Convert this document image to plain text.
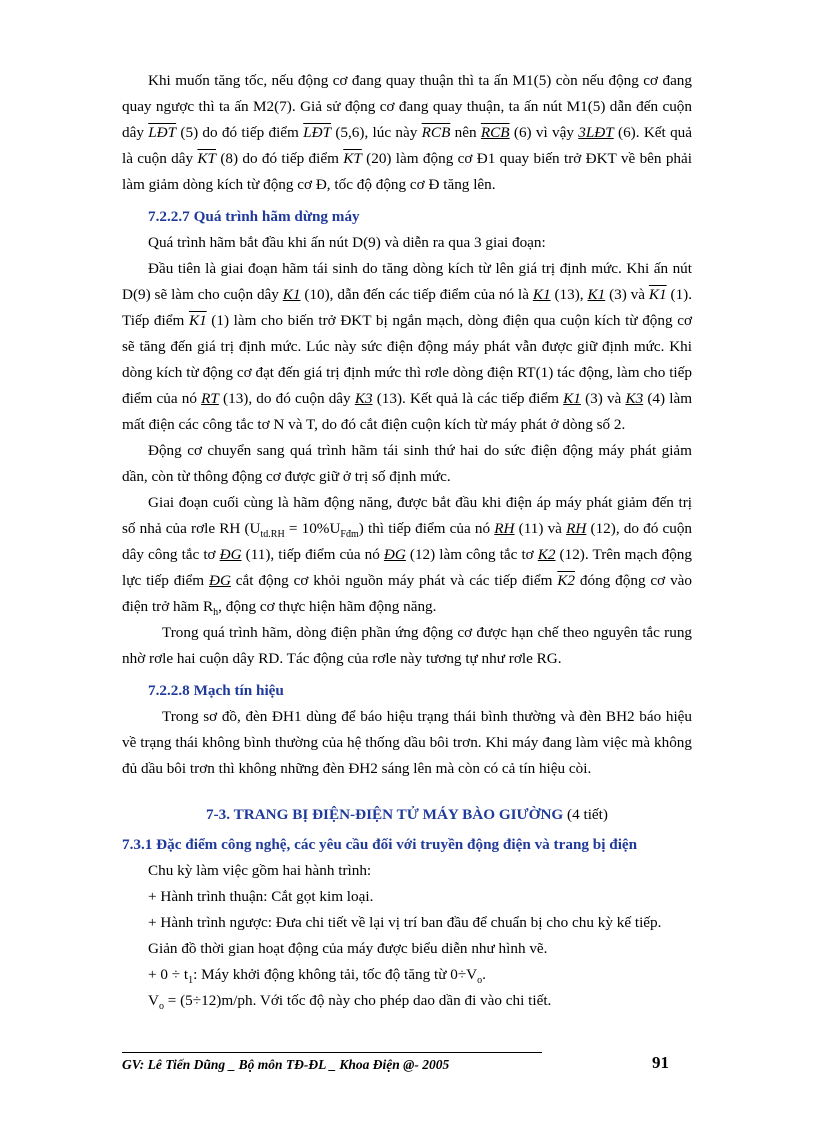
Khi muốn tăng tốc, nếu động cơ đang quay thuận thì ta ấn M1(5) còn nếu động cơ đang quay ngược thì ta ấn M2(7). Giả sử động cơ đang quay thuận, ta ấn nút M1(5) dẫn đến cuộn dây $\overline{LĐT}$ (5) do đó tiếp điểm $\overline{LĐT}$ (5,6), lúc này $\overline{RCB}$ nên RCB (6) vì vậy 3LĐT (6). Kết quả là cuộn dây $\overline{KT}$ (8) do đó tiếp điểm $\overline{KT}$ (20) làm động cơ Đ1 quay biến trở ĐKT về bên phải làm giảm dòng kích từ động cơ Đ, tốc độ động cơ Đ tăng lên.

7.2.2.7 Quá trình hãm dừng máy

Quá trình hãm bắt đầu khi ấn nút D(9) và diễn ra qua 3 giai đoạn:

Đầu tiên là giai đoạn hãm tái sinh do tăng dòng kích từ lên giá trị định mức. Khi ấn nút D(9) sẽ làm cho cuộn dây K1 (10), dẫn đến các tiếp điểm của nó là K1 (13), K1 (3) và K1 (1). Tiếp điểm K1 (1) làm cho biến trở ĐKT bị ngắn mạch, dòng điện qua cuộn kích từ động cơ sẽ tăng đến giá trị định mức. Lúc này sức điện động máy phát vẫn được giữ định mức. Khi dòng kích từ động cơ đạt đến giá trị định mức thì rơle dòng điện RT(1) tác động, làm cho tiếp điểm của nó RT (13), do đó cuộn dây K3 (13). Kết quả là các tiếp điểm K1 (3) và K3 (4) làm mất điện các công tắc tơ N và T, do đó cắt điện cuộn kích từ máy phát ở dòng số 2.

Động cơ chuyển sang quá trình hãm tái sinh thứ hai do sức điện động máy phát giảm dần, còn từ thông động cơ được giữ ở trị số định mức.

Giai đoạn cuối cùng là hãm động năng, được bắt đầu khi điện áp máy phát giảm đến trị số nhả của rơle RH $(U_{td.RH} = 10\%U_{Fđm})$ thì tiếp điểm của nó RH (11) và RH (12), do đó cuộn dây công tắc tơ ĐG (11), tiếp điểm của nó ĐG (12) làm công tắc tơ K2 (12). Trên mạch động lực tiếp điểm ĐG cắt động cơ khỏi nguồn máy phát và các tiếp điểm K2 đóng động cơ vào điện trở hãm $R_h$, động cơ thực hiện hãm động năng.

Trong quá trình hãm, dòng điện phần ứng động cơ được hạn chế theo nguyên tắc rung nhờ rơle hai cuộn dây RD. Tác động của rơle này tương tự như rơle RG.

7.2.2.8 Mạch tín hiệu

Trong sơ đồ, đèn ĐH1 dùng để báo hiệu trạng thái bình thường và đèn BH2 báo hiệu về trạng thái không bình thường của hệ thống dầu bôi trơn. Khi máy đang làm việc mà không đủ dầu bôi trơn thì không những đèn ĐH2 sáng lên mà còn có cả tín hiệu còi.

7-3. TRANG BỊ ĐIỆN-ĐIỆN TỬ MÁY BÀO GIƯỜNG (4 tiết)

7.3.1 Đặc điểm công nghệ, các yêu cầu đối với truyền động điện và trang bị điện

Chu kỳ làm việc gồm hai hành trình:

+ Hành trình thuận: Cắt gọt kim loại.

+ Hành trình ngược: Đưa chi tiết về lại vị trí ban đầu để chuẩn bị cho chu kỳ kế tiếp.

Giản đồ thời gian hoạt động của máy được biểu diễn như hình vẽ.

+ $0 \div t_1$: Máy khởi động không tải, tốc độ tăng từ $0\div V_o$.

$V_o = (5\div 12)m/ph$. Với tốc độ này cho phép dao dần đi vào chi tiết.

GV: Lê Tiến Dũng _ Bộ môn TĐ-ĐL _ Khoa Điện @- 2005	91
